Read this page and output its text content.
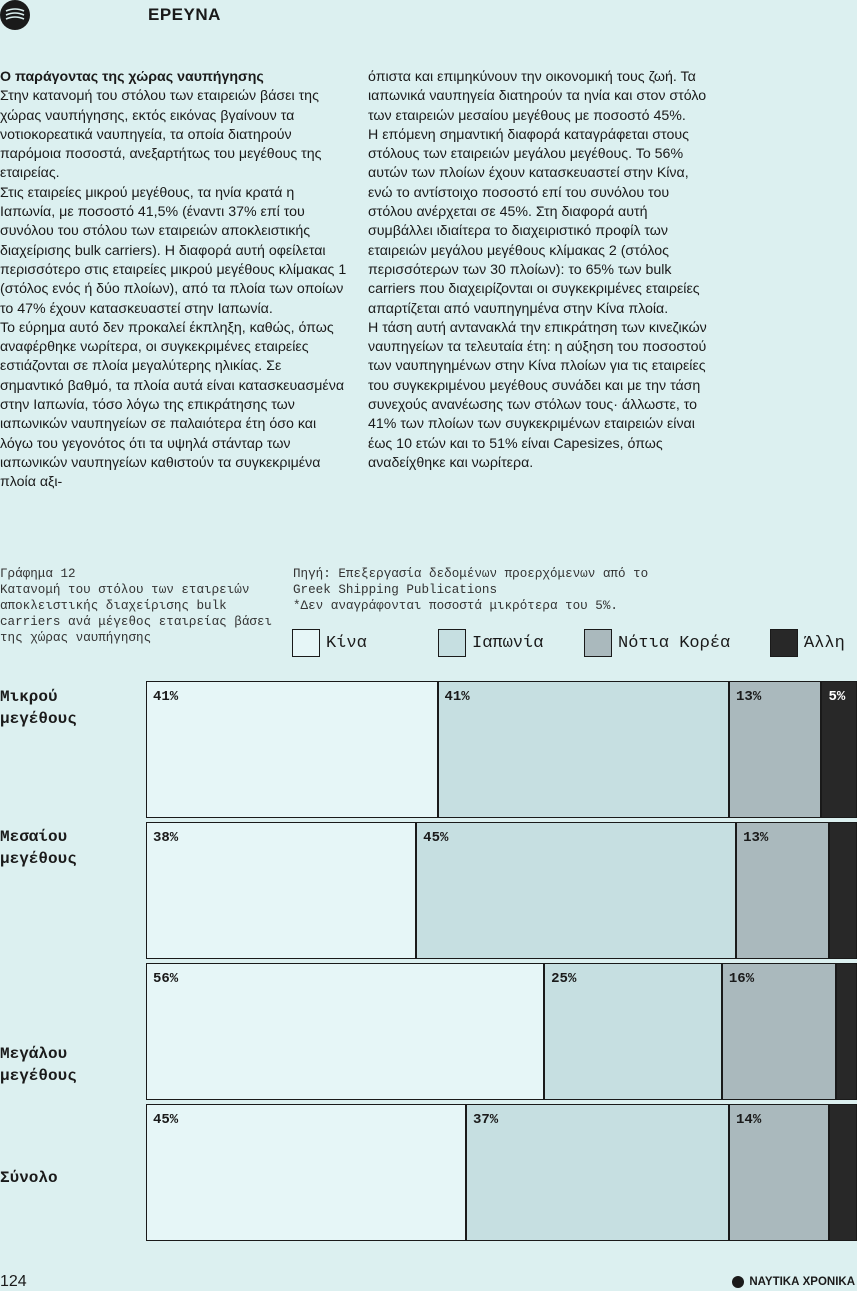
ΕΡΕΥΝΑ

Ο παράγοντας της χώρας ναυπήγησης

Στην κατανομή του στόλου των εταιρειών βάσει της χώρας ναυπήγησης, εκτός εικόνας βγαίνουν τα νοτιοκορεατικά ναυπηγεία, τα οποία διατηρούν παρόμοια ποσοστά, ανεξαρτήτως του μεγέθους της εταιρείας.

Στις εταιρείες μικρού μεγέθους, τα ηνία κρατά η Ιαπωνία, με ποσοστό 41,5% (έναντι 37% επί του συνόλου του στόλου των εταιρειών αποκλειστικής διαχείρισης bulk carriers). Η διαφορά αυτή οφείλεται περισσότερο στις εταιρείες μικρού μεγέθους κλίμακας 1 (στόλος ενός ή δύο πλοίων), από τα πλοία των οποίων το 47% έχουν κατασκευαστεί στην Ιαπωνία.

Το εύρημα αυτό δεν προκαλεί έκπληξη, καθώς, όπως αναφέρθηκε νωρίτερα, οι συγκεκριμένες εταιρείες εστιάζονται σε πλοία μεγαλύτερης ηλικίας. Σε σημαντικό βαθμό, τα πλοία αυτά είναι κατασκευασμένα στην Ιαπωνία, τόσο λόγω της επικράτησης των ιαπωνικών ναυπηγείων σε παλαιότερα έτη όσο και λόγω του γεγονότος ότι τα υψηλά στάνταρ των ιαπωνικών ναυπηγείων καθιστούν τα συγκεκριμένα πλοία αξι-

όπιστα και επιμηκύνουν την οικονομική τους ζωή. Τα ιαπωνικά ναυπηγεία διατηρούν τα ηνία και στον στόλο των εταιρειών μεσαίου μεγέθους με ποσοστό 45%.

Η επόμενη σημαντική διαφορά καταγράφεται στους στόλους των εταιρειών μεγάλου μεγέθους. Το 56% αυτών των πλοίων έχουν κατασκευαστεί στην Κίνα, ενώ το αντίστοιχο ποσοστό επί του συνόλου του στόλου ανέρχεται σε 45%. Στη διαφορά αυτή συμβάλλει ιδιαίτερα το διαχειριστικό προφίλ των εταιρειών μεγάλου μεγέθους κλίμακας 2 (στόλος περισσότερων των 30 πλοίων): το 65% των bulk carriers που διαχειρίζονται οι συγκεκριμένες εταιρείες απαρτίζεται από ναυπηγημένα στην Κίνα πλοία.

Η τάση αυτή αντανακλά την επικράτηση των κινεζικών ναυπηγείων τα τελευταία έτη: η αύξηση του ποσοστού των ναυπηγημένων στην Κίνα πλοίων για τις εταιρείες του συγκεκριμένου μεγέθους συνάδει και με την τάση συνεχούς ανανέωσης των στόλων τους· άλλωστε, το 41% των πλοίων των συγκεκριμένων εταιρειών είναι έως 10 ετών και το 51% είναι Capesizes, όπως αναδείχθηκε και νωρίτερα.

Γράφημα 12
Κατανομή του στόλου των εταιρειών αποκλειστικής διαχείρισης bulk carriers ανά μέγεθος εταιρείας βάσει της χώρας ναυπήγησης
Πηγή: Επεξεργασία δεδομένων προερχόμενων από το Greek Shipping Publications
*Δεν αναγράφονται ποσοστά μικρότερα του 5%.
Κίνα	Ιαπωνία	Νότια Κορέα	Άλλη
Μικρού
μεγέθους
41%	41%	13%	5%
Μεσαίου
μεγέθους
38%	45%	13%
Μεγάλου
μεγέθους
56%	25%	16%
Σύνολο
45%	37%	14%
124	ΝΑΥΤΙΚΑ ΧΡΟΝΙΚΑ
